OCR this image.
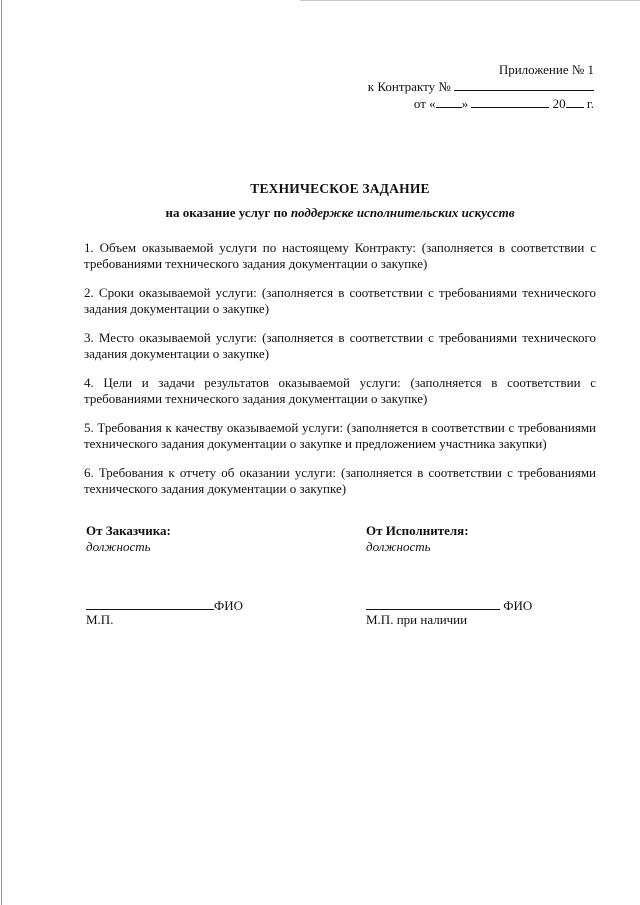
Приложение № 1
к Контракту №
от « »	20 г.
ТЕХНИЧЕСКОЕ ЗАДАНИЕ
на оказание услуг по поддержке исполнительских искусств
1. Объем оказываемой услуги по настоящему Контракту: (заполняется в соответствии с требованиями технического задания документации о закупке)
2. Сроки оказываемой услуги: (заполняется в соответствии с требованиями технического задания документации о закупке)
3. Место оказываемой услуги: (заполняется в соответствии с требованиями технического задания документации о закупке)
4. Цели и задачи результатов оказываемой услуги: (заполняется в соответствии с требованиями технического задания документации о закупке)
5. Требования к качеству оказываемой услуги: (заполняется в соответствии с требованиями технического задания документации о закупке и предложением участника закупки)
6. Требования к отчету об оказании услуги: (заполняется в соответствии с требованиями технического задания документации о закупке)
От Заказчика:
должность
От Исполнителя:
должность
ФИО
М.П.
ФИО
М.П. при наличии
